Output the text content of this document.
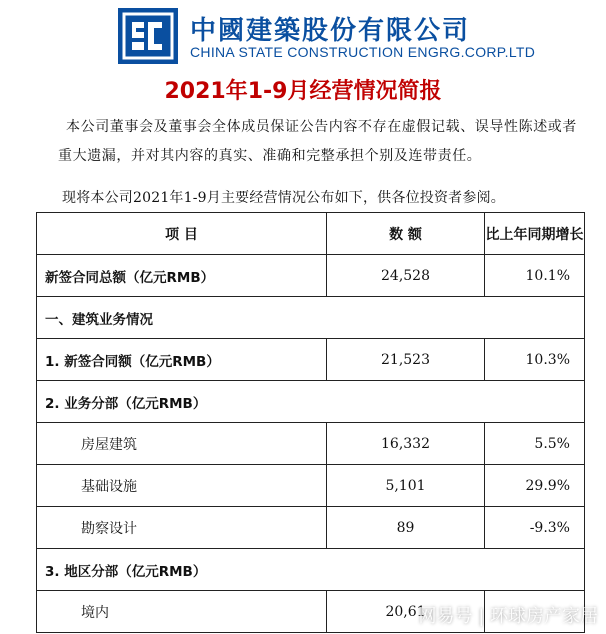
中國建築股份有限公司
CHINA STATE CONSTRUCTION ENGRG.CORP.LTD
2021年1-9月经营情况简报
本公司董事会及董事会全体成员保证公告内容不存在虚假记载、误导性陈述或者重大遗漏，并对其内容的真实、准确和完整承担个别及连带责任。
现将本公司2021年1-9月主要经营情况公布如下，供各位投资者参阅。
项 目	数 额	比上年同期增长
新签合同总额（亿元RMB）	24,528	10.1%
一、建筑业务情况		
1. 新签合同额（亿元RMB）	21,523	10.3%
2. 业务分部（亿元RMB）		
房屋建筑	16,332	5.5%
基础设施	5,101	29.9%
勘察设计	89	-9.3%
3. 地区分部（亿元RMB）		
境内	20,61	
网易号 | 环球房产家居
